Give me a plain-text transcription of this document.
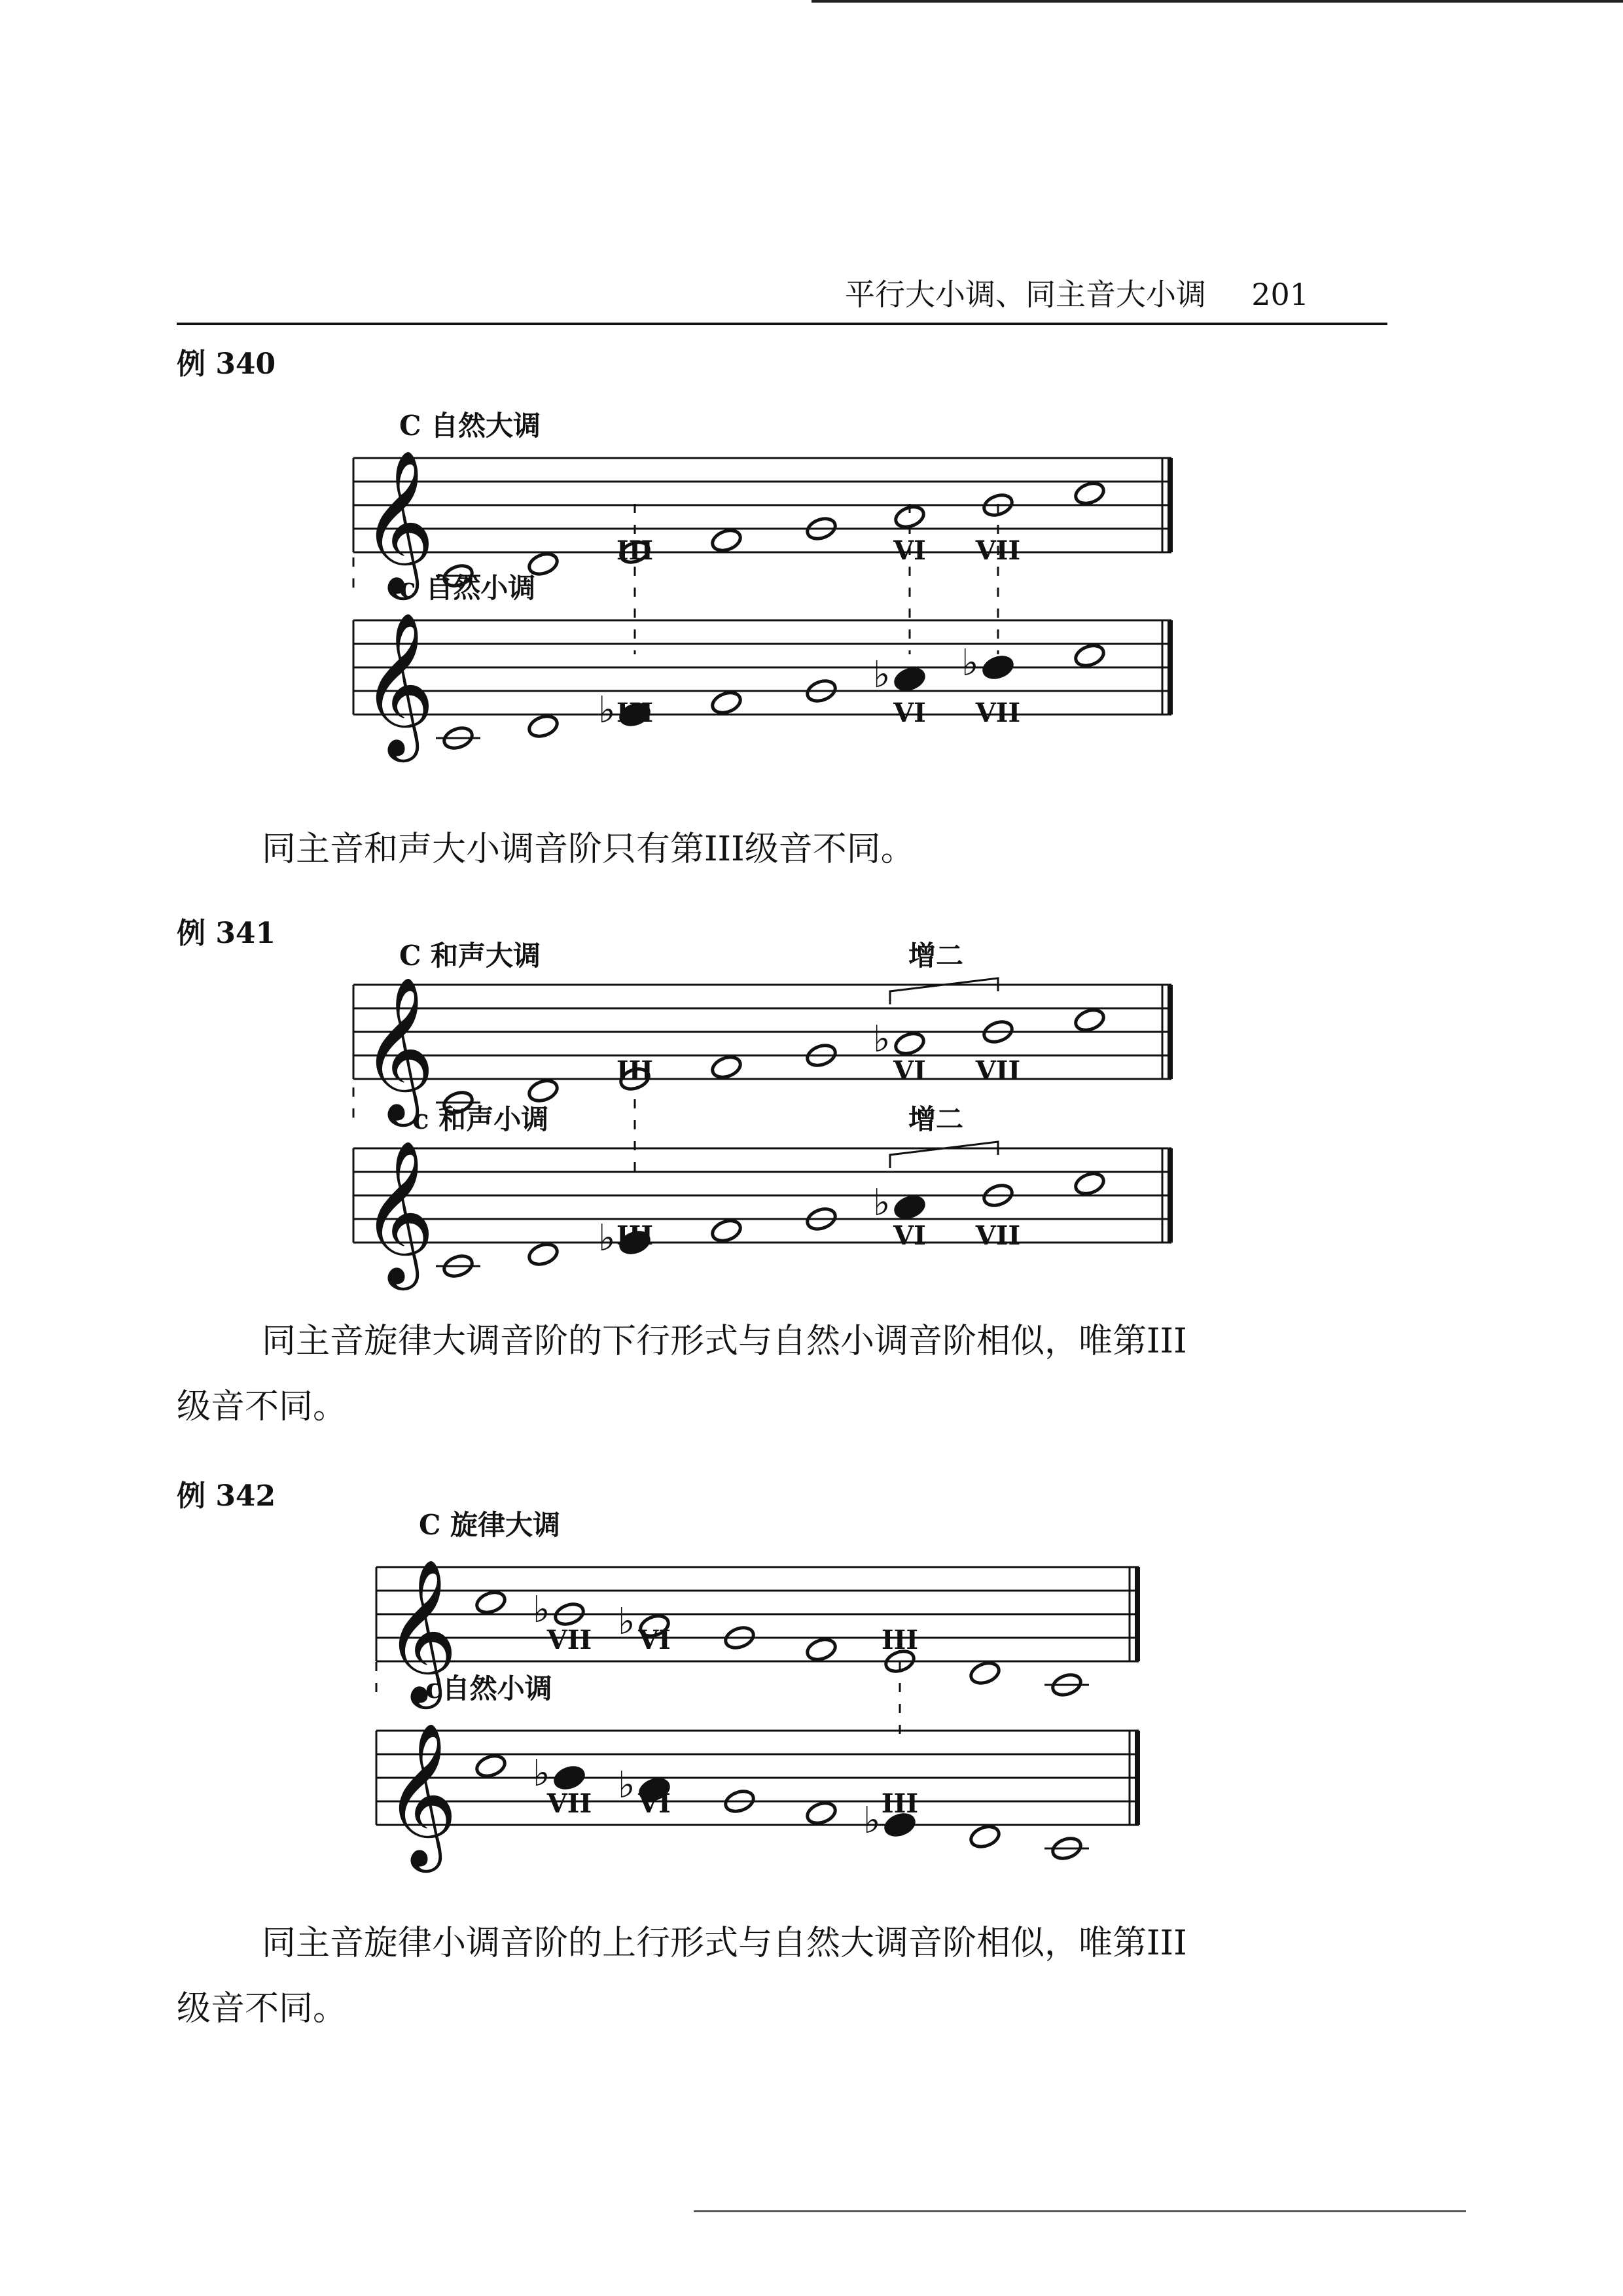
平行大小调、同主音大小调 201
例 340
C 自然大调
𝄞	III	VI VII
c 自然小调
𝄞	♭
♭ ♭
III	VI VII
同主音和声大小调音阶只有第III级音不同。
例 341
C 和声大调
𝄞	♭
增二
III	VI VII
c 和声小调	增二
𝄞	♭
♭
III	VI VII
同主音旋律大调音阶的下行形式与自然小调音阶相似，唯第III
级音不同。
例 342
C 旋律大调
𝄞 ♭ ♭
VII VI	III
c自然小调
𝄞 ♭ ♭
♭
VII VI	III
同主音旋律小调音阶的上行形式与自然大调音阶相似，唯第III
级音不同。
